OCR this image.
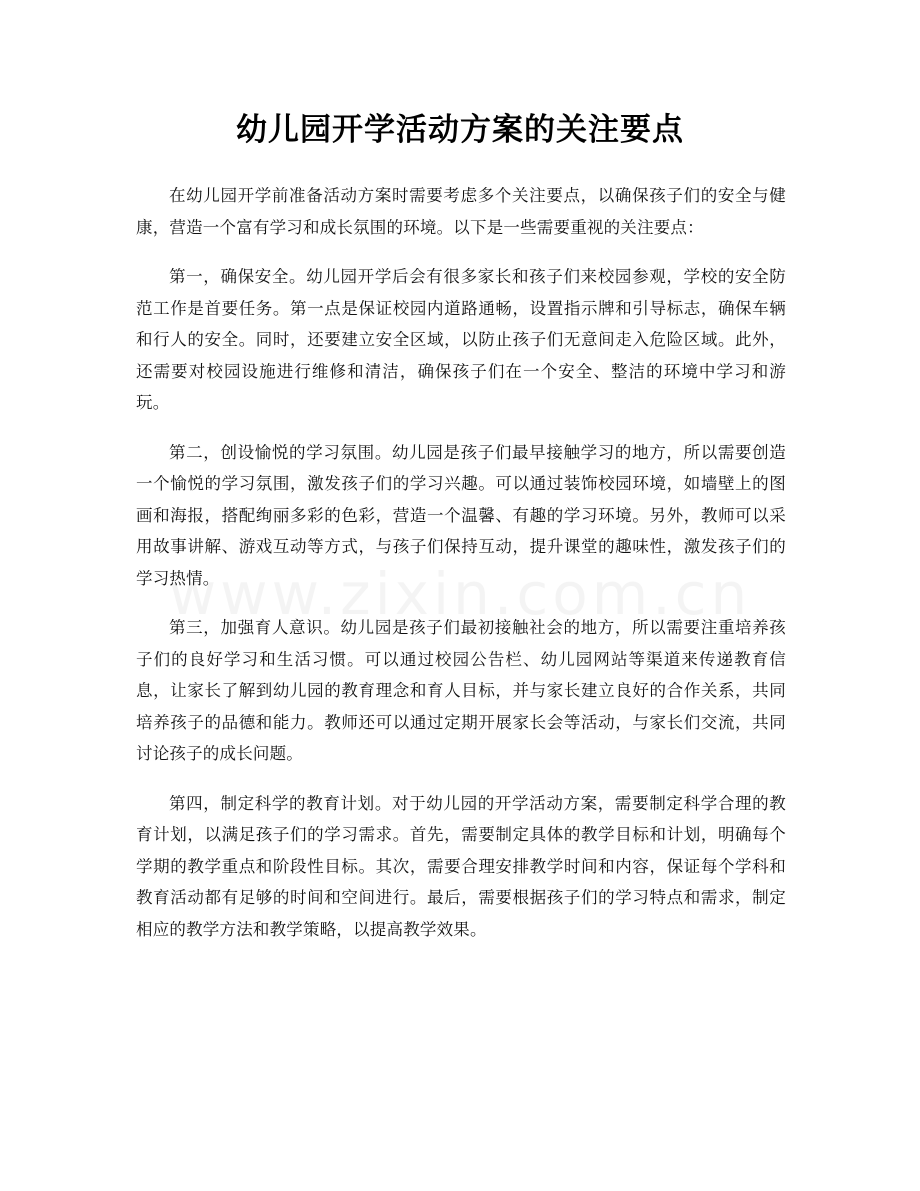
幼儿园开学活动方案的关注要点

在幼儿园开学前准备活动方案时需要考虑多个关注要点，以确保孩子们的安全与健康，营造一个富有学习和成长氛围的环境。以下是一些需要重视的关注要点：

第一，确保安全。幼儿园开学后会有很多家长和孩子们来校园参观，学校的安全防范工作是首要任务。第一点是保证校园内道路通畅，设置指示牌和引导标志，确保车辆和行人的安全。同时，还要建立安全区域，以防止孩子们无意间走入危险区域。此外，还需要对校园设施进行维修和清洁，确保孩子们在一个安全、整洁的环境中学习和游玩。

第二，创设愉悦的学习氛围。幼儿园是孩子们最早接触学习的地方，所以需要创造一个愉悦的学习氛围，激发孩子们的学习兴趣。可以通过装饰校园环境，如墙壁上的图画和海报，搭配绚丽多彩的色彩，营造一个温馨、有趣的学习环境。另外，教师可以采用故事讲解、游戏互动等方式，与孩子们保持互动，提升课堂的趣味性，激发孩子们的学习热情。

第三，加强育人意识。幼儿园是孩子们最初接触社会的地方，所以需要注重培养孩子们的良好学习和生活习惯。可以通过校园公告栏、幼儿园网站等渠道来传递教育信息，让家长了解到幼儿园的教育理念和育人目标，并与家长建立良好的合作关系，共同培养孩子的品德和能力。教师还可以通过定期开展家长会等活动，与家长们交流，共同讨论孩子的成长问题。

第四，制定科学的教育计划。对于幼儿园的开学活动方案，需要制定科学合理的教育计划，以满足孩子们的学习需求。首先，需要制定具体的教学目标和计划，明确每个学期的教学重点和阶段性目标。其次，需要合理安排教学时间和内容，保证每个学科和教育活动都有足够的时间和空间进行。最后，需要根据孩子们的学习特点和需求，制定相应的教学方法和教学策略，以提高教学效果。
